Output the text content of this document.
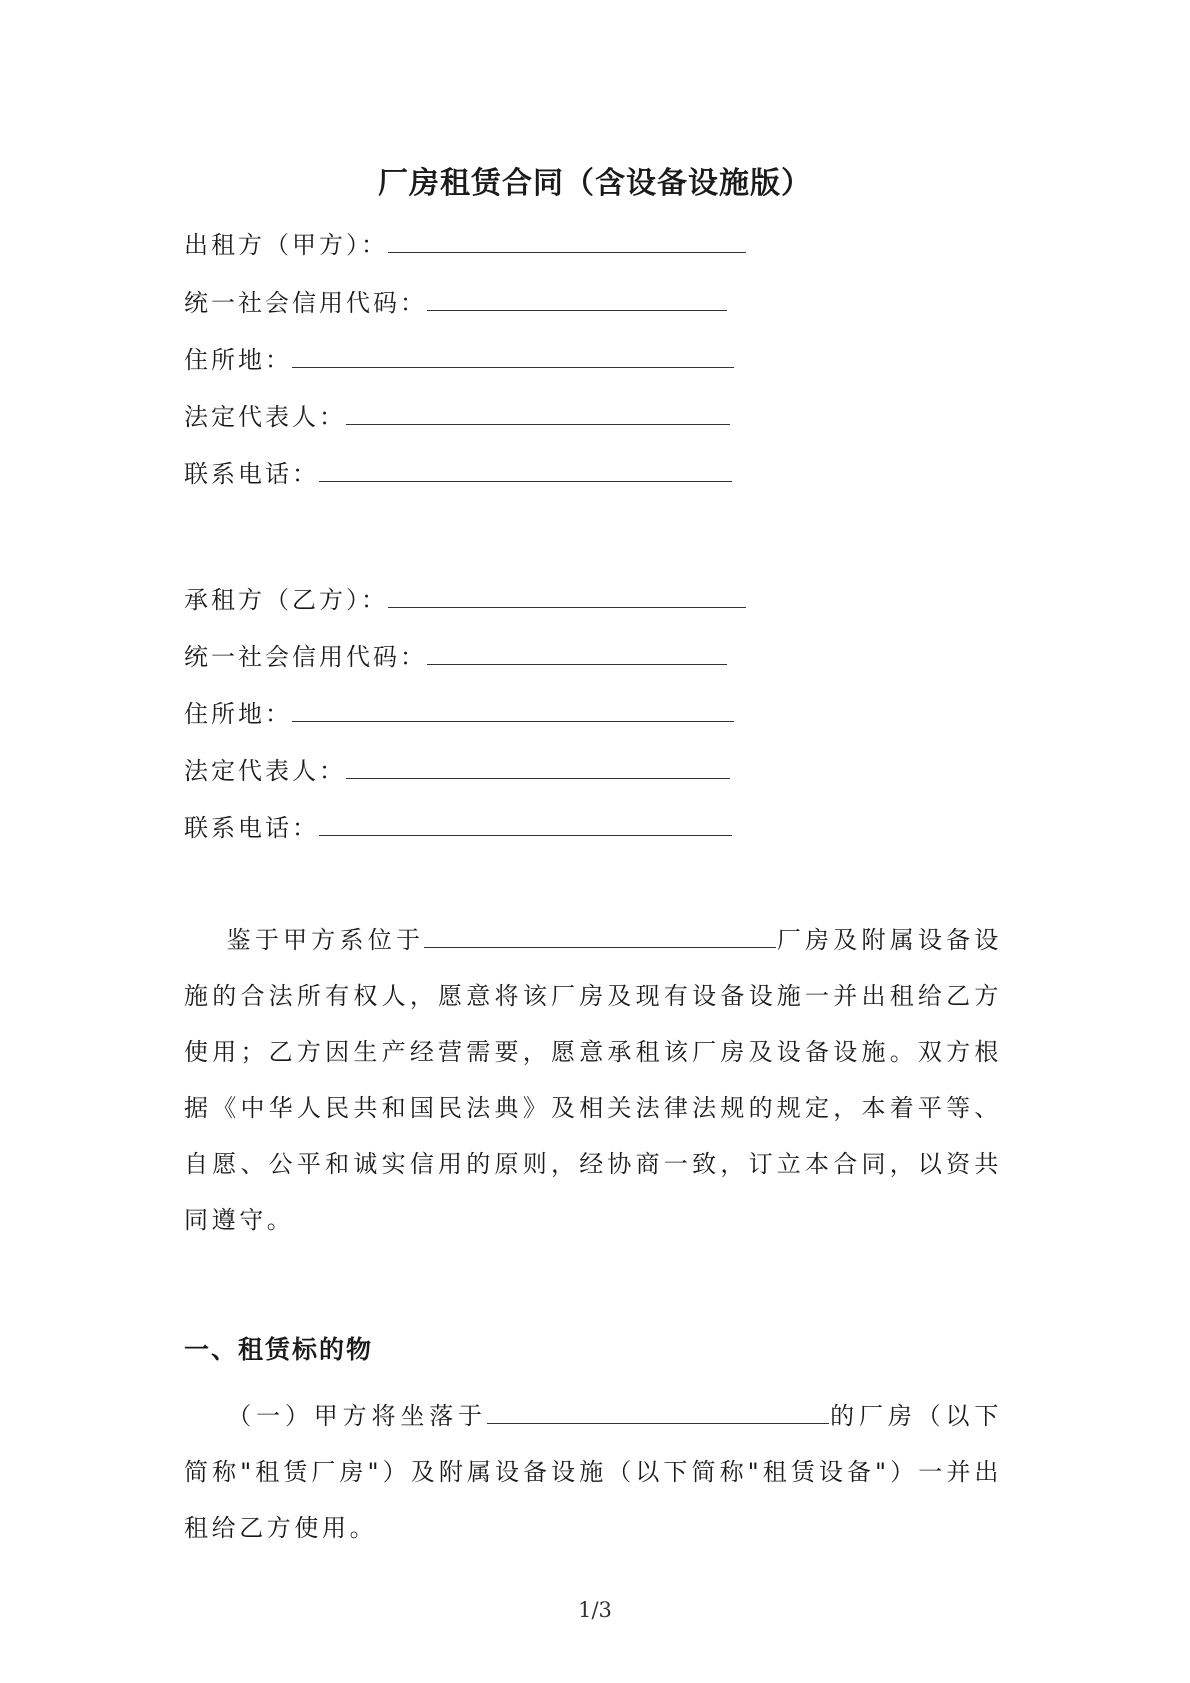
厂房租赁合同（含设备设施版）
出租方（甲方）：
统一社会信用代码：
住所地：
法定代表人：
联系电话：
承租方（乙方）：
统一社会信用代码：
住所地：
法定代表人：
联系电话：
鉴于甲方系位于	厂房及附属设备设施的合法所有权人，愿意将该厂房及现有设备设施一并出租给乙方使用；乙方因生产经营需要，愿意承租该厂房及设备设施。双方根据《中华人民共和国民法典》及相关法律法规的规定，本着平等、自愿、公平和诚实信用的原则，经协商一致，订立本合同，以资共同遵守。
一、租赁标的物
（一）甲方将坐落于	的厂房（以下简称"租赁厂房"）及附属设备设施（以下简称"租赁设备"）一并出租给乙方使用。
1/3
